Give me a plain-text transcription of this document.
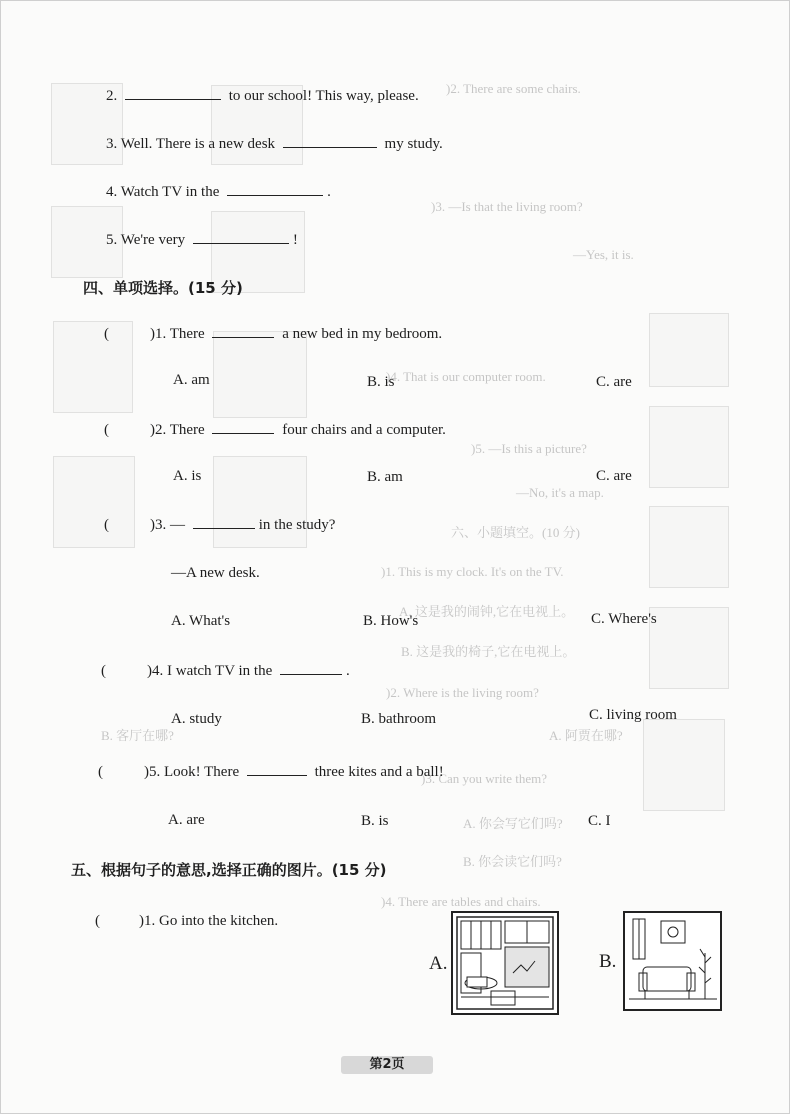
)2. There are some chairs.
)3. —Is that the living room?
—Yes, it is.
)4. That is our computer room.
)5. —Is this a picture?
—No, it's a map.
六、小题填空。(10 分)
)1. This is my clock. It's on the TV.
A. 这是我的闹钟,它在电视上。
B. 这是我的椅子,它在电视上。
)2. Where is the living room?
A. 阿贾在哪?
B. 客厅在哪?
)3. Can you write them?
A. 你会写它们吗?
B. 你会读它们吗?
)4. There are tables and chairs.
2.	to our school! This way, please.
3. Well. There is a new desk	my study.
4. Watch TV in the	.
5. We're very	!
四、单项选择。(15 分)
(	)1. There	a new bed in my bedroom.
A. am	B. is	C. are
(	)2. There	four chairs and a computer.
A. is	B. am	C. are
(	)3. —	in the study?
—A new desk.
A. What's	B. How's	C. Where's
(	)4. I watch TV in the	.
A. study	B. bathroom	C. living room
(	)5. Look! There	three kites and a ball!
A. are	B. is	C. I
五、根据句子的意思,选择正确的图片。(15 分)
(	)1. Go into the kitchen.
A.	B.
第2页
